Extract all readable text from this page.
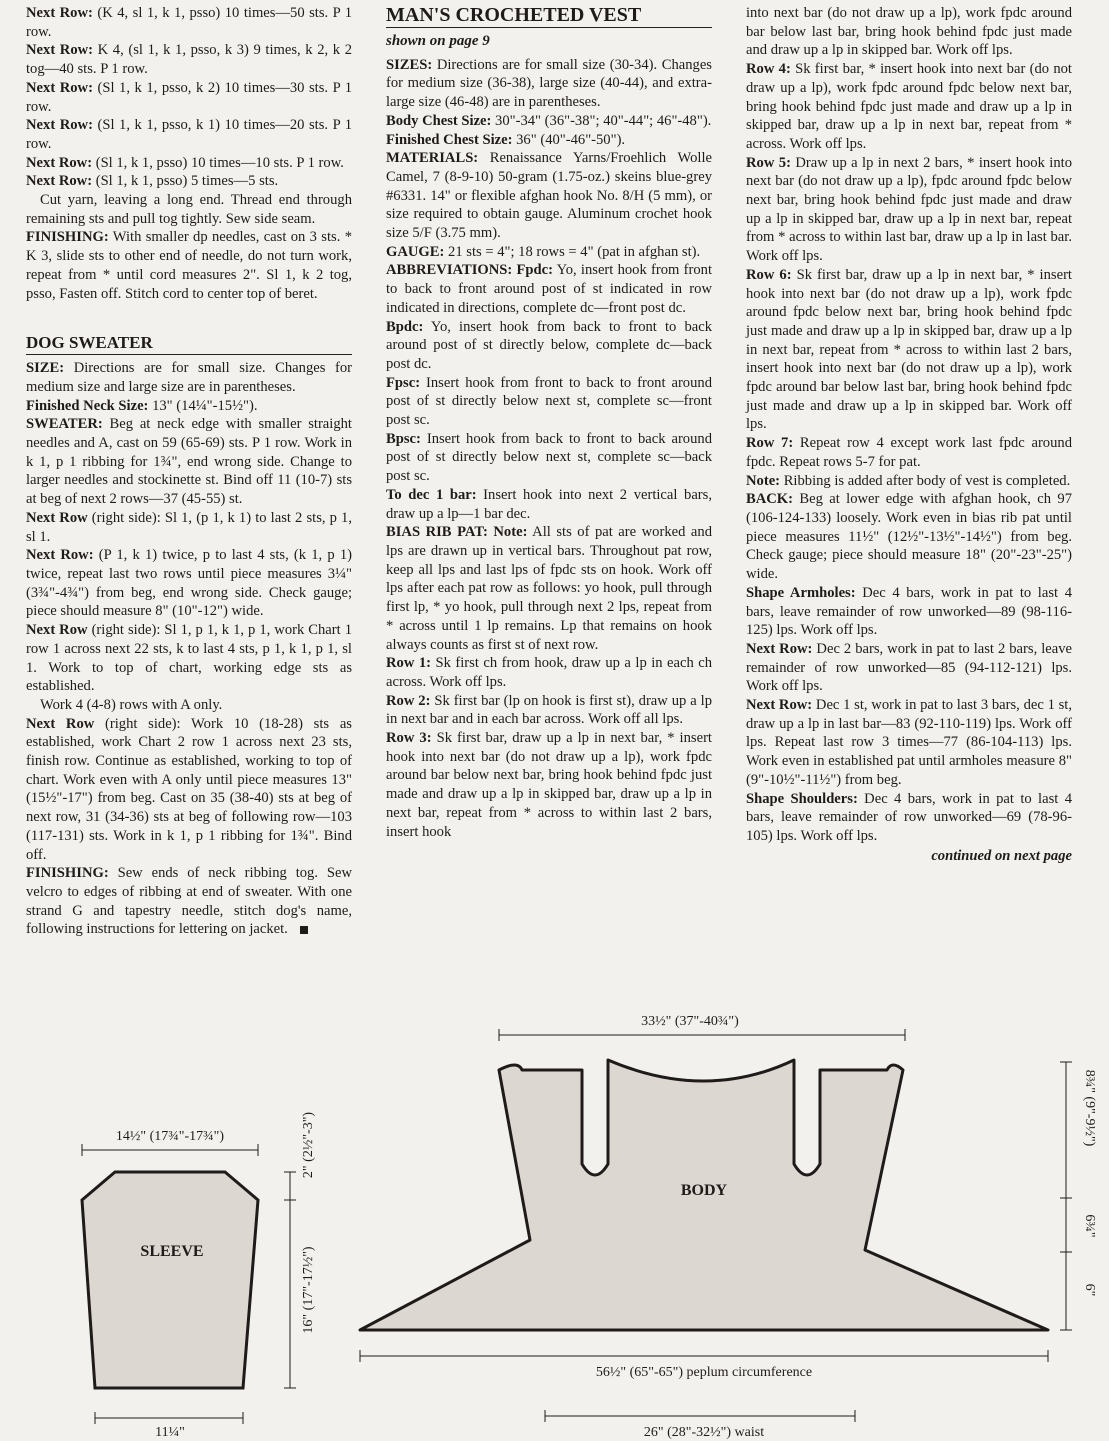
Next Row: (K 4, sl 1, k 1, psso) 10 times—50 sts. P 1 row.

Next Row: K 4, (sl 1, k 1, psso, k 3) 9 times, k 2, k 2 tog—40 sts. P 1 row.

Next Row: (Sl 1, k 1, psso, k 2) 10 times—30 sts. P 1 row.

Next Row: (Sl 1, k 1, psso, k 1) 10 times—20 sts. P 1 row.

Next Row: (Sl 1, k 1, psso) 10 times—10 sts. P 1 row.

Next Row: (Sl 1, k 1, psso) 5 times—5 sts.

Cut yarn, leaving a long end. Thread end through remaining sts and pull tog tightly. Sew side seam.

FINISHING: With smaller dp needles, cast on 3 sts. * K 3, slide sts to other end of needle, do not turn work, repeat from * until cord measures 2". Sl 1, k 2 tog, psso, Fasten off. Stitch cord to center top of beret.

DOG SWEATER

SIZE: Directions are for small size. Changes for medium size and large size are in parentheses.

Finished Neck Size: 13" (14¼"-15½").

SWEATER: Beg at neck edge with smaller straight needles and A, cast on 59 (65-69) sts. P 1 row. Work in k 1, p 1 ribbing for 1¾", end wrong side. Change to larger needles and stockinette st. Bind off 11 (10-7) sts at beg of next 2 rows—37 (45-55) st.

Next Row (right side): Sl 1, (p 1, k 1) to last 2 sts, p 1, sl 1.

Next Row: (P 1, k 1) twice, p to last 4 sts, (k 1, p 1) twice, repeat last two rows until piece measures 3¼" (3¾"-4¾") from beg, end wrong side. Check gauge; piece should measure 8" (10"-12") wide.

Next Row (right side): Sl 1, p 1, k 1, p 1, work Chart 1 row 1 across next 22 sts, k to last 4 sts, p 1, k 1, p 1, sl 1. Work to top of chart, working edge sts as established.

Work 4 (4-8) rows with A only.

Next Row (right side): Work 10 (18-28) sts as established, work Chart 2 row 1 across next 23 sts, finish row. Continue as established, working to top of chart. Work even with A only until piece measures 13" (15½"-17") from beg. Cast on 35 (38-40) sts at beg of next row, 31 (34-36) sts at beg of following row—103 (117-131) sts. Work in k 1, p 1 ribbing for 1¾". Bind off.

FINISHING: Sew ends of neck ribbing tog. Sew velcro to edges of ribbing at end of sweater. With one strand G and tapestry needle, stitch dog's name, following instructions for lettering on jacket.

MAN'S CROCHETED VEST
shown on page 9

SIZES: Directions are for small size (30-34). Changes for medium size (36-38), large size (40-44), and extra-large size (46-48) are in parentheses.

Body Chest Size: 30"-34" (36"-38"; 40"-44"; 46"-48").

Finished Chest Size: 36" (40"-46"-50").

MATERIALS: Renaissance Yarns/Froehlich Wolle Camel, 7 (8-9-10) 50-gram (1.75-oz.) skeins blue-grey #6331. 14" or flexible afghan hook No. 8/H (5 mm), or size required to obtain gauge. Aluminum crochet hook size 5/F (3.75 mm).

GAUGE: 21 sts = 4"; 18 rows = 4" (pat in afghan st).

ABBREVIATIONS: Fpdc: Yo, insert hook from front to back to front around post of st indicated in row indicated in directions, complete dc—front post dc.

Bpdc: Yo, insert hook from back to front to back around post of st directly below, complete dc—back post dc.

Fpsc: Insert hook from front to back to front around post of st directly below next st, complete sc—front post sc.

Bpsc: Insert hook from back to front to back around post of st directly below next st, complete sc—back post sc.

To dec 1 bar: Insert hook into next 2 vertical bars, draw up a lp—1 bar dec.

BIAS RIB PAT: Note: All sts of pat are worked and lps are drawn up in vertical bars. Throughout pat row, keep all lps and last lps of fpdc sts on hook. Work off lps after each pat row as follows: yo hook, pull through first lp, * yo hook, pull through next 2 lps, repeat from * across until 1 lp remains. Lp that remains on hook always counts as first st of next row.

Row 1: Sk first ch from hook, draw up a lp in each ch across. Work off lps.

Row 2: Sk first bar (lp on hook is first st), draw up a lp in next bar and in each bar across. Work off all lps.

Row 3: Sk first bar, draw up a lp in next bar, * insert hook into next bar (do not draw up a lp), work fpdc around bar below next bar, bring hook behind fpdc just made and draw up a lp in skipped bar, draw up a lp in next bar, repeat from * across to within last 2 bars, insert hook

into next bar (do not draw up a lp), work fpdc around bar below last bar, bring hook behind fpdc just made and draw up a lp in skipped bar. Work off lps.

Row 4: Sk first bar, * insert hook into next bar (do not draw up a lp), work fpdc around fpdc below next bar, bring hook behind fpdc just made and draw up a lp in skipped bar, draw up a lp in next bar, repeat from * across. Work off lps.

Row 5: Draw up a lp in next 2 bars, * insert hook into next bar (do not draw up a lp), fpdc around fpdc below next bar, bring hook behind fpdc just made and draw up a lp in skipped bar, draw up a lp in next bar, repeat from * across to within last bar, draw up a lp in last bar. Work off lps.

Row 6: Sk first bar, draw up a lp in next bar, * insert hook into next bar (do not draw up a lp), work fpdc around fpdc below next bar, bring hook behind fpdc just made and draw up a lp in skipped bar, draw up a lp in next bar, repeat from * across to within last 2 bars, insert hook into next bar (do not draw up a lp), work fpdc around bar below last bar, bring hook behind fpdc just made and draw up a lp in skipped bar. Work off lps.

Row 7: Repeat row 4 except work last fpdc around fpdc. Repeat rows 5-7 for pat.

Note: Ribbing is added after body of vest is completed.

BACK: Beg at lower edge with afghan hook, ch 97 (106-124-133) loosely. Work even in bias rib pat until piece measures 11½" (12½"-13½"-14½") from beg. Check gauge; piece should measure 18" (20"-23"-25") wide.

Shape Armholes: Dec 4 bars, work in pat to last 4 bars, leave remainder of row unworked—89 (98-116-125) lps. Work off lps.

Next Row: Dec 2 bars, work in pat to last 2 bars, leave remainder of row unworked—85 (94-112-121) lps. Work off lps.

Next Row: Dec 1 st, work in pat to last 3 bars, dec 1 st, draw up a lp in last bar—83 (92-110-119) lps. Work off lps. Repeat last row 3 times—77 (86-104-113) lps. Work even in established pat until armholes measure 8" (9"-10½"-11½") from beg.

Shape Shoulders: Dec 4 bars, work in pat to last 4 bars, leave remainder of row unworked—69 (78-96-105) lps. Work off lps.

continued on next page
SLEEVE
14½" (17¾"-17¾")
11¼"
2" (2½"-3")
16" (17"-17½")
BODY
33½" (37"-40¾")
56½" (65"-65") peplum circumference
26" (28"-32½") waist
8¾" (9"-9½")
6¾"
6"
